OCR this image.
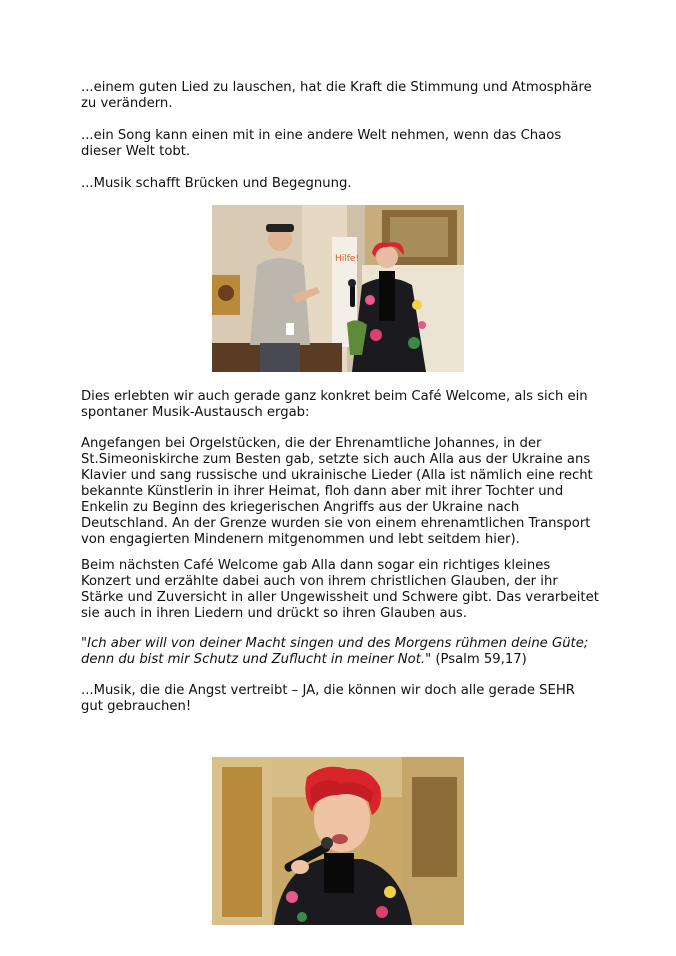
...einem guten Lied zu lauschen, hat die Kraft die Stimmung und Atmosphäre zu verändern.

...ein Song kann einen mit in eine andere Welt nehmen, wenn das Chaos dieser Welt tobt.

...Musik schafft Brücken und Begegnung.

Hilfe!

Dies erlebten wir auch gerade ganz konkret beim Café Welcome, als sich ein spontaner Musik-Austausch ergab:

Angefangen bei Orgelstücken, die der Ehrenamtliche Johannes, in der St.Simeoniskirche zum Besten gab, setzte sich auch Alla aus der Ukraine ans Klavier und sang russische und ukrainische Lieder (Alla ist nämlich eine recht bekannte Künstlerin in ihrer Heimat, floh dann aber mit ihrer Tochter und Enkelin zu Beginn des kriegerischen Angriffs aus der Ukraine nach Deutschland. An der Grenze wurden sie von einem ehrenamtlichen Transport von engagierten Mindenern mitgenommen und lebt seitdem hier).

Beim nächsten Café Welcome gab Alla dann sogar ein richtiges kleines Konzert und erzählte dabei auch von ihrem christlichen Glauben, der ihr Stärke und Zuversicht in aller Ungewissheit und Schwere gibt. Das verarbeitet sie auch in ihren Liedern und drückt so ihren Glauben aus.

"Ich aber will von deiner Macht singen und des Morgens rühmen deine Güte; denn du bist mir Schutz und Zuflucht in meiner Not." (Psalm 59,17)

...Musik, die die Angst vertreibt – JA, die können wir doch alle gerade SEHR gut gebrauchen!
